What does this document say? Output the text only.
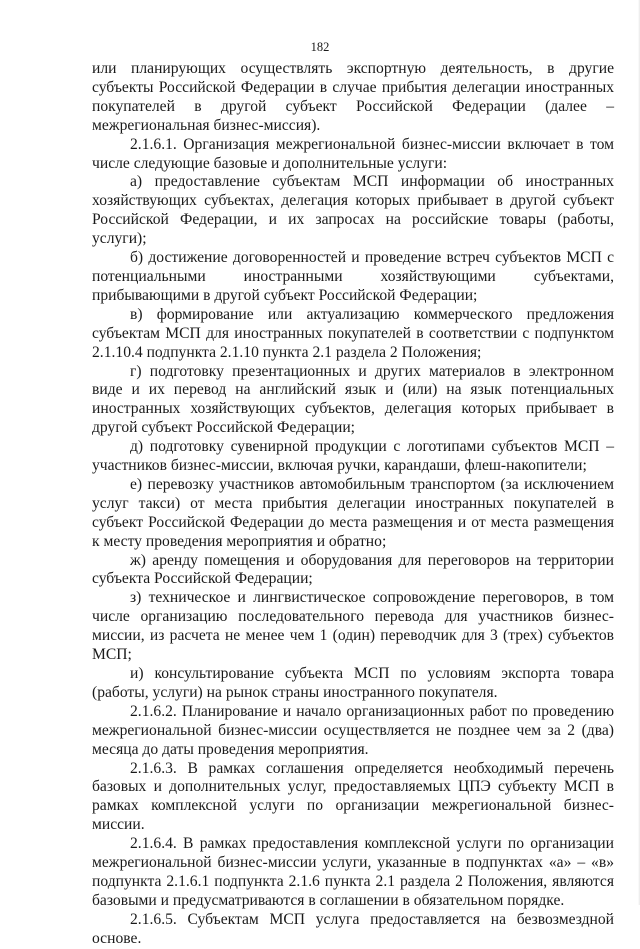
182

или планирующих осуществлять экспортную деятельность, в другие субъекты Российской Федерации в случае прибытия делегации иностранных покупателей в другой субъект Российской Федерации (далее – межрегиональная бизнес-миссия).

2.1.6.1. Организация межрегиональной бизнес-миссии включает в том числе следующие базовые и дополнительные услуги:

а) предоставление субъектам МСП информации об иностранных хозяйствующих субъектах, делегация которых прибывает в другой субъект Российской Федерации, и их запросах на российские товары (работы, услуги);

б) достижение договоренностей и проведение встреч субъектов МСП с потенциальными иностранными хозяйствующими субъектами, прибывающими в другой субъект Российской Федерации;

в) формирование или актуализацию коммерческого предложения субъектам МСП для иностранных покупателей в соответствии с подпунктом 2.1.10.4 подпункта 2.1.10 пункта 2.1 раздела 2 Положения;

г) подготовку презентационных и других материалов в электронном виде и их перевод на английский язык и (или) на язык потенциальных иностранных хозяйствующих субъектов, делегация которых прибывает в другой субъект Российской Федерации;

д) подготовку сувенирной продукции с логотипами субъектов МСП – участников бизнес-миссии, включая ручки, карандаши, флеш-накопители;

е) перевозку участников автомобильным транспортом (за исключением услуг такси) от места прибытия делегации иностранных покупателей в субъект Российской Федерации до места размещения и от места размещения к месту проведения мероприятия и обратно;

ж) аренду помещения и оборудования для переговоров на территории субъекта Российской Федерации;

з) техническое и лингвистическое сопровождение переговоров, в том числе организацию последовательного перевода для участников бизнес-миссии, из расчета не менее чем 1 (один) переводчик для 3 (трех) субъектов МСП;

и) консультирование субъекта МСП по условиям экспорта товара (работы, услуги) на рынок страны иностранного покупателя.

2.1.6.2. Планирование и начало организационных работ по проведению межрегиональной бизнес-миссии осуществляется не позднее чем за 2 (два) месяца до даты проведения мероприятия.

2.1.6.3. В рамках соглашения определяется необходимый перечень базовых и дополнительных услуг, предоставляемых ЦПЭ субъекту МСП в рамках комплексной услуги по организации межрегиональной бизнес-миссии.

2.1.6.4. В рамках предоставления комплексной услуги по организации межрегиональной бизнес-миссии услуги, указанные в подпунктах «а» – «в» подпункта 2.1.6.1 подпункта 2.1.6 пункта 2.1 раздела 2 Положения, являются базовыми и предусматриваются в соглашении в обязательном порядке.

2.1.6.5. Субъектам МСП услуга предоставляется на безвозмездной основе.
